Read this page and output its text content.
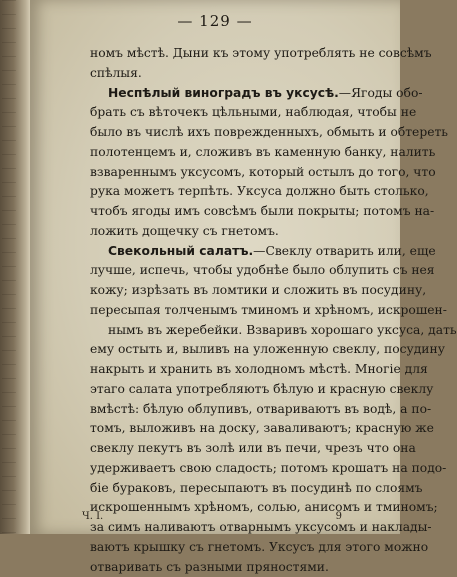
— 129 —
номъ мѣстѣ. Дыни къ этому употреблять не совсѣмъ
спѣлыя.
Неспѣлый виноградъ въ уксусѣ.—Ягоды обо-
брать съ вѣточекъ цѣльными, наблюдая, чтобы не
было въ числѣ ихъ поврежденныхъ, обмыть и обтереть
полотенцемъ и, сложивъ въ каменную банку, налить
взвареннымъ уксусомъ, который остылъ до того, что
рука можетъ терпѣть. Уксуса должно быть столько,
чтобъ ягоды имъ совсѣмъ были покрыты; потомъ на-
ложить дощечку съ гнетомъ.
Свекольный салатъ.—Свеклу отварить или, еще
лучше, испечь, чтобы удобнѣе было облупить съ нея
кожу; изрѣзать въ ломтики и сложить въ посудину,
пересыпая толченымъ тминомъ и хрѣномъ, искрошен-
нымъ въ жеребейки. Взваривъ хорошаго уксуса, дать
ему остыть и, выливъ на уложенную свеклу, посудину
накрыть и хранить въ холодномъ мѣстѣ. Многіе для
этаго салата употребляютъ бѣлую и красную свеклу
вмѣстѣ: бѣлую облупивъ, отвариваютъ въ водѣ, а по-
томъ, выложивъ на доску, заваливаютъ; красную же
свеклу пекутъ въ золѣ или въ печи, чрезъ что она
удерживаетъ свою сладость; потомъ крошатъ на подо-
біе бураковъ, пересыпаютъ въ посудинѣ по слоямъ
искрошеннымъ хрѣномъ, солью, анисомъ и тминомъ;
за симъ наливаютъ отварнымъ уксусомъ и наклады-
ваютъ крышку съ гнетомъ. Уксусъ для этого можно
отваривать съ разными пряностями.
Ч. I.	9
